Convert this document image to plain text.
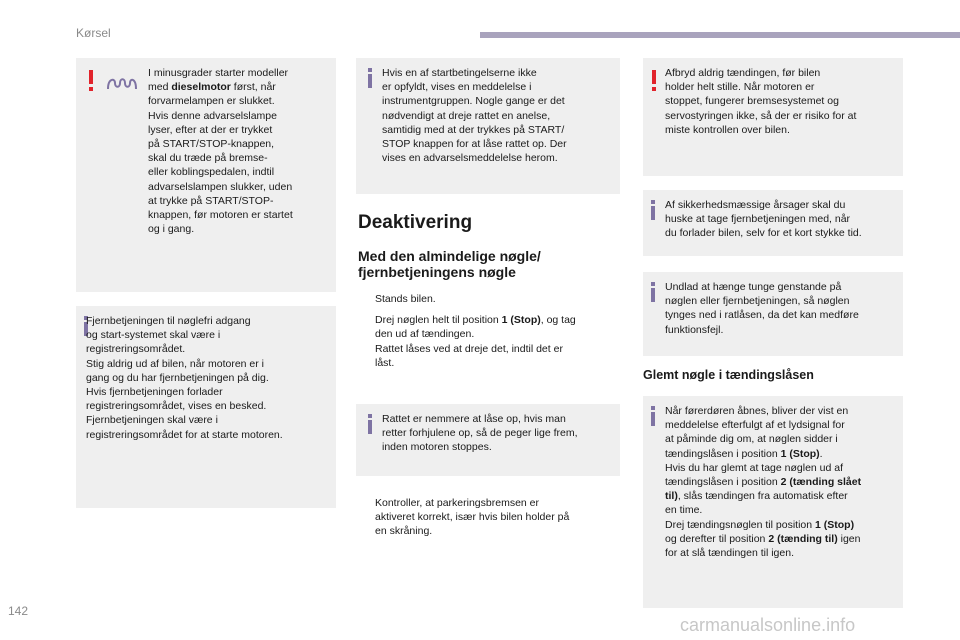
Kørsel
I minusgrader starter modeller
med dieselmotor først, når
forvarmelampen er slukket.
Hvis denne advarselslampe
lyser, efter at der er trykket
på START/STOP-knappen,
skal du træde på bremse-
eller koblingspedalen, indtil
advarselslampen slukker, uden
at trykke på START/STOP-
knappen, før motoren er startet
og i gang.
Fjernbetjeningen til nøglefri adgang
og start-systemet skal være i
registreringsområdet.
Stig aldrig ud af bilen, når motoren er i
gang og du har fjernbetjeningen på dig.
Hvis fjernbetjeningen forlader
registreringsområdet, vises en besked.
Fjernbetjeningen skal være i
registreringsområdet for at starte motoren.
Hvis en af startbetingelserne ikke
er opfyldt, vises en meddelelse i
instrumentgruppen. Nogle gange er det
nødvendigt at dreje rattet en anelse,
samtidig med at der trykkes på START/
STOP knappen for at låse rattet op. Der
vises en advarselsmeddelelse herom.
Deaktivering
Med den almindelige nøgle/
fjernbetjeningens nøgle
Stands bilen.
Drej nøglen helt til position 1 (Stop), og tag
den ud af tændingen.
Rattet låses ved at dreje det, indtil det er
låst.
Rattet er nemmere at låse op, hvis man
retter forhjulene op, så de peger lige frem,
inden motoren stoppes.
Kontroller, at parkeringsbremsen er
aktiveret korrekt, især hvis bilen holder på
en skråning.
Afbryd aldrig tændingen, før bilen
holder helt stille. Når motoren er
stoppet, fungerer bremsesystemet og
servostyringen ikke, så der er risiko for at
miste kontrollen over bilen.
Af sikkerhedsmæssige årsager skal du
huske at tage fjernbetjeningen med, når
du forlader bilen, selv for et kort stykke tid.
Undlad at hænge tunge genstande på
nøglen eller fjernbetjeningen, så nøglen
tynges ned i ratlåsen, da det kan medføre
funktionsfejl.
Glemt nøgle i tændingslåsen
Når førerdøren åbnes, bliver der vist en
meddelelse efterfulgt af et lydsignal for
at påminde dig om, at nøglen sidder i
tændingslåsen i position 1 (Stop).
Hvis du har glemt at tage nøglen ud af
tændingslåsen i position 2 (tænding slået
til), slås tændingen fra automatisk efter
en time.
Drej tændingsnøglen til position 1 (Stop)
og derefter til position 2 (tænding til) igen
for at slå tændingen til igen.
142
carmanualsonline.info
